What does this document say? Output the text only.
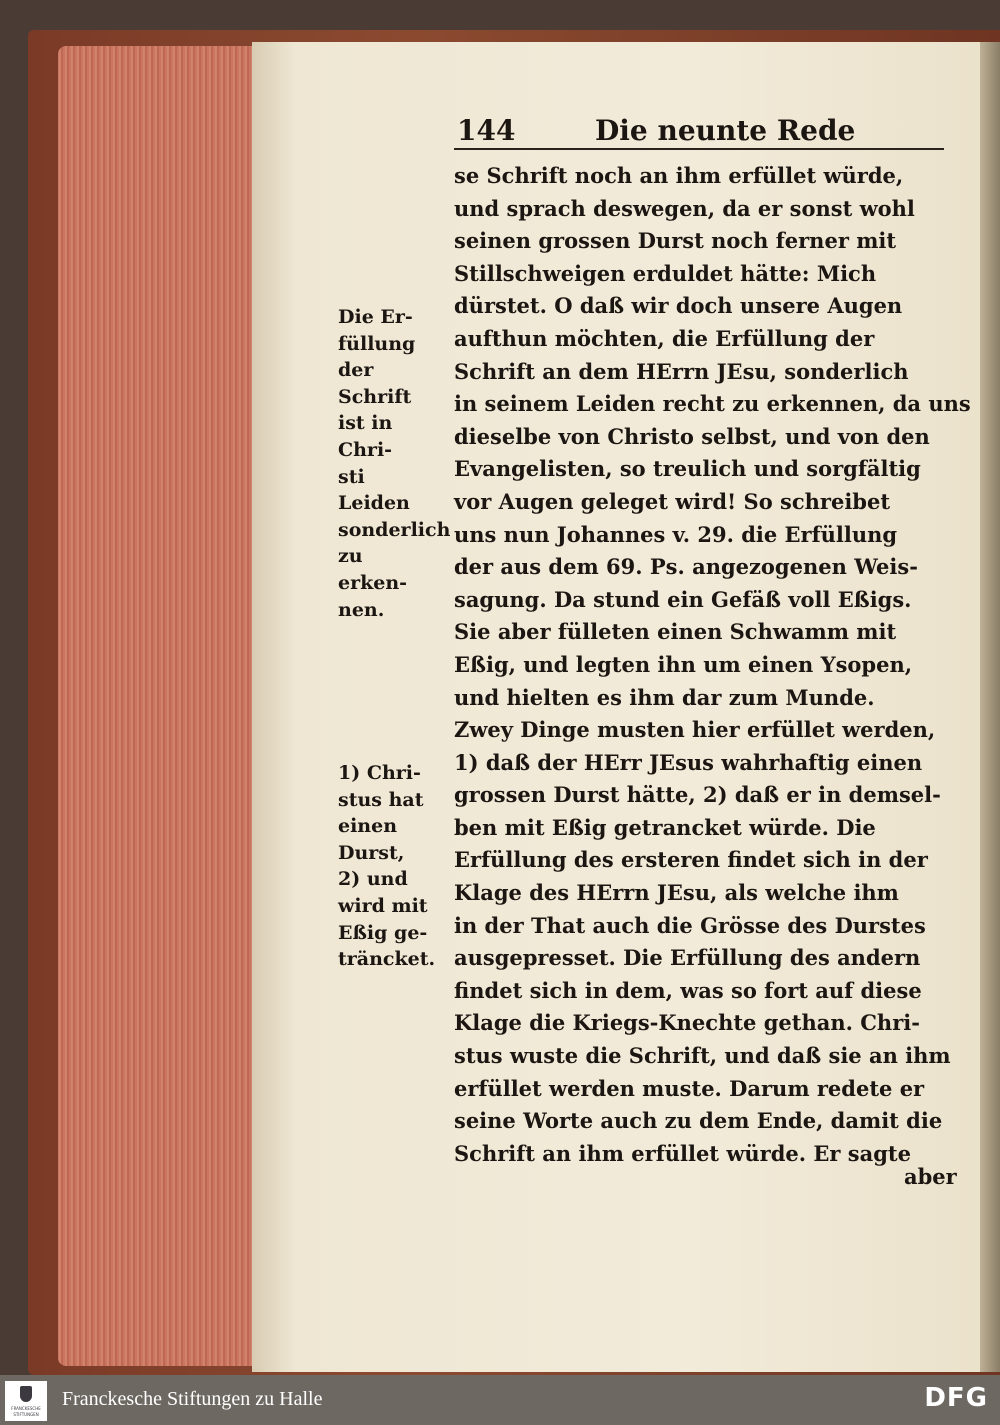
144	Die neunte Rede
Die Er-
füllung
der
Schrift
ist in Chri-
sti Leiden
sonderlich
zu erken-
nen.
1) Chri-
stus hat
einen
Durst,
2) und
wird mit
Eßig ge-
träncket.
se Schrift noch an ihm erfüllet würde,
und sprach deswegen, da er sonst wohl
seinen grossen Durst noch ferner mit
Stillschweigen erduldet hätte: Mich
dürstet. O daß wir doch unsere Augen
aufthun möchten, die Erfüllung der
Schrift an dem HErrn JEsu, sonderlich
in seinem Leiden recht zu erkennen, da uns
dieselbe von Christo selbst, und von den
Evangelisten, so treulich und sorgfältig
vor Augen geleget wird! So schreibet
uns nun Johannes v. 29. die Erfüllung
der aus dem 69. Ps. angezogenen Weis-
sagung. Da stund ein Gefäß voll Eßigs.
Sie aber fülleten einen Schwamm mit
Eßig, und legten ihn um einen Ysopen,
und hielten es ihm dar zum Munde.
Zwey Dinge musten hier erfüllet werden,
1) daß der HErr JEsus wahrhaftig einen
grossen Durst hätte, 2) daß er in demsel-
ben mit Eßig getrancket würde. Die
Erfüllung des ersteren findet sich in der
Klage des HErrn JEsu, als welche ihm
in der That auch die Grösse des Durstes
ausgepresset. Die Erfüllung des andern
findet sich in dem, was so fort auf diese
Klage die Kriegs-Knechte gethan. Chri-
stus wuste die Schrift, und daß sie an ihm
erfüllet werden muste. Darum redete er
seine Worte auch zu dem Ende, damit die
Schrift an ihm erfüllet würde. Er sagte
aber
FRANCKESCHE
STIFTUNGEN
Franckesche Stiftungen zu Halle	DFG
